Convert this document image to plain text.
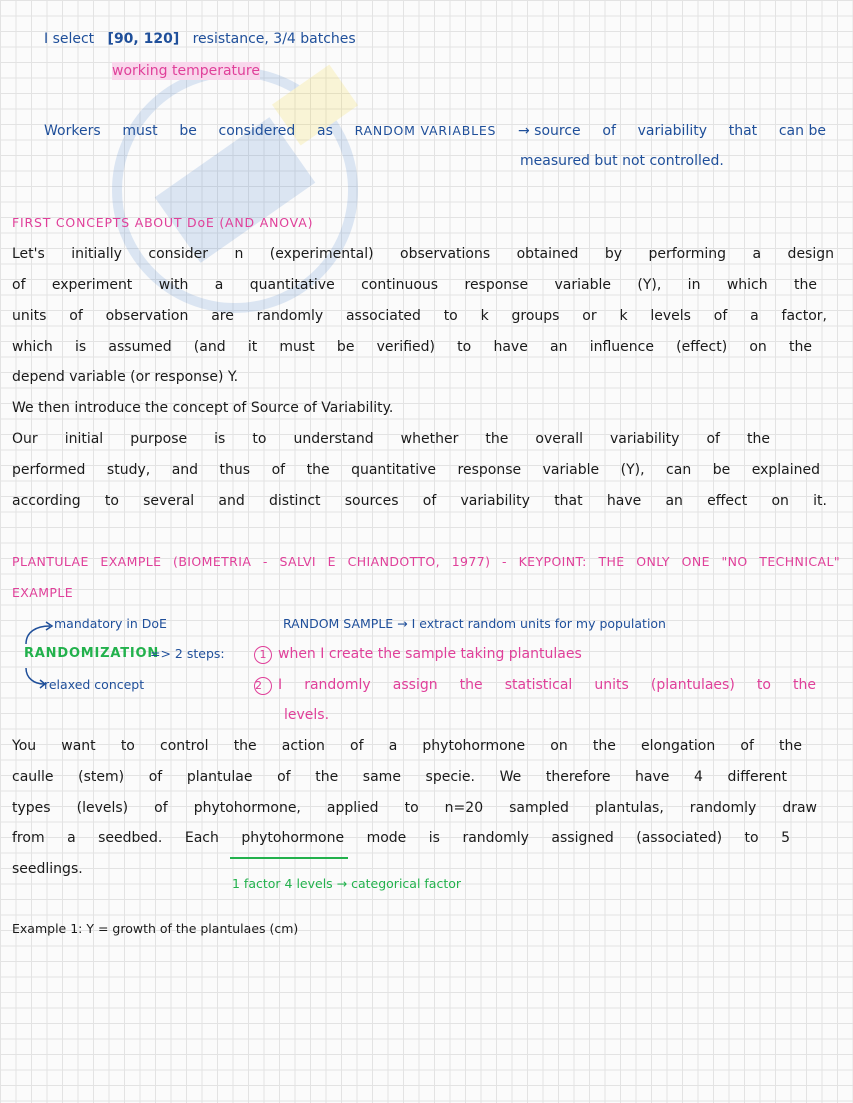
I select [90, 120] resistance, 3/4 batches
working temperature
Workers must be considered as RANDOM VARIABLES → source of variability that can be
measured but not controlled.
FIRST CONCEPTS ABOUT DoE (AND ANOVA)
Let's initially consider n (experimental) observations obtained by performing a design
of experiment with a quantitative continuous response variable (Y), in which the
units of observation are randomly associated to k groups or k levels of a factor,
which is assumed (and it must be verified) to have an influence (effect) on the
depend variable (or response) Y.
We then introduce the concept of Source of Variability.
Our initial purpose is to understand whether the overall variability of the
performed study, and thus of the quantitative response variable (Y), can be explained
according to several and distinct sources of variability that have an effect on it.
PLANTULAE EXAMPLE (BIOMETRIA - SALVI E CHIANDOTTO, 1977) - KEYPOINT: THE ONLY ONE "NO TECHNICAL"
EXAMPLE
mandatory in DoE
RANDOMIZATION
=> 2 steps:
relaxed concept
RANDOM SAMPLE → I extract random units for my population
1 when I create the sample taking plantulaes
2 I randomly assign the statistical units (plantulaes) to the
levels.
You want to control the action of a phytohormone on the elongation of the
caulle (stem) of plantulae of the same specie. We therefore have 4 different
types (levels) of phytohormone, applied to n=20 sampled plantulas, randomly draw
from a seedbed. Each phytohormone mode is randomly assigned (associated) to 5
seedlings.
1 factor 4 levels → categorical factor
Example 1: Y = growth of the plantulaes (cm)
